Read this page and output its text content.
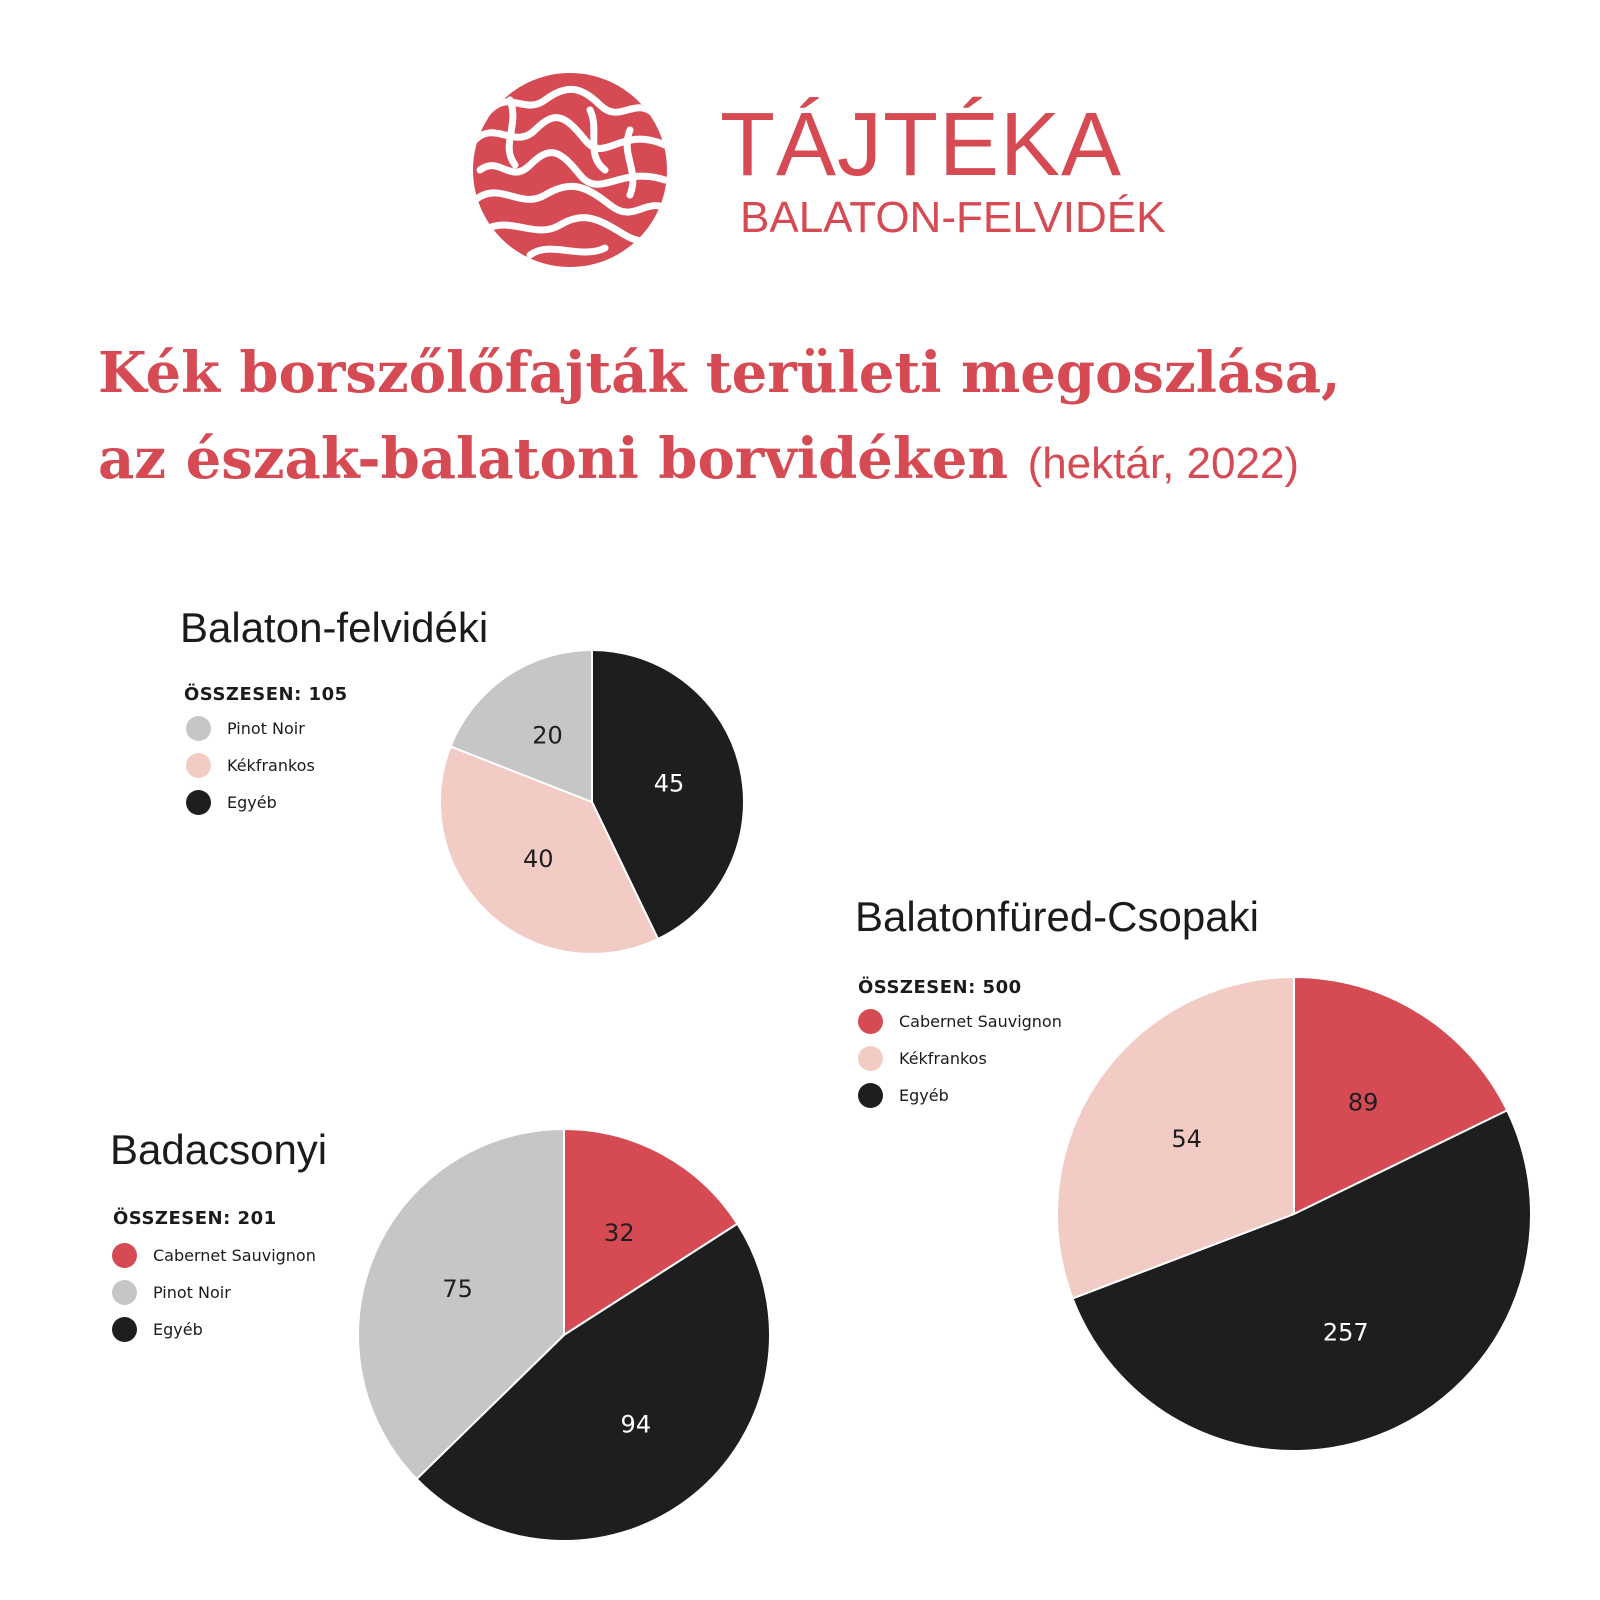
TÁJTÉKA
BALATON-FELVIDÉK
Kék borszőlőfajták területi megoszlása,
az észak-balatoni borvidéken (hektár, 2022)
Balaton-felvidéki
ÖSSZESEN: 105
Pinot Noir
Kékfrankos
Egyéb
45
40
20
Balatonfüred-Csopaki
ÖSSZESEN: 500
Cabernet Sauvignon
Kékfrankos
Egyéb	89
257
54
Badacsonyi
ÖSSZESEN: 201
Cabernet Sauvignon
Pinot Noir
Egyéb
32
94
75
